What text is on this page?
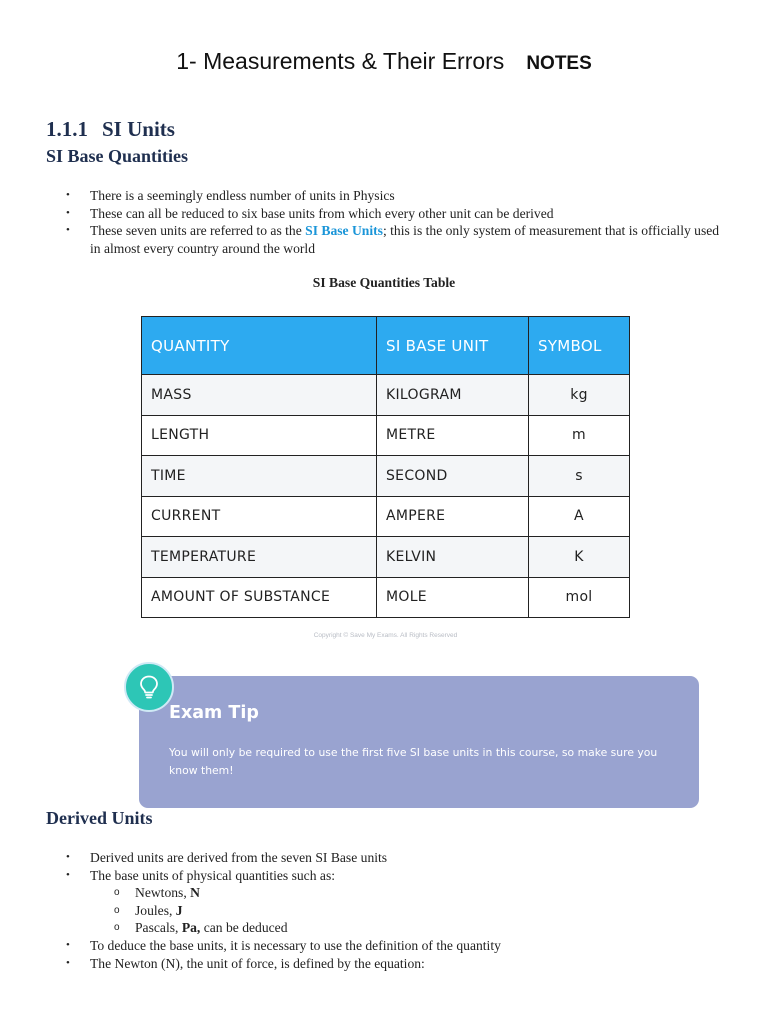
1- Measurements & Their Errors NOTES
1.1.1 SI Units
SI Base Quantities
• There is a seemingly endless number of units in Physics
• These can all be reduced to six base units from which every other unit can be derived
• These seven units are referred to as the SI Base Units; this is the only system of measurement that is officially used in almost every country around the world
SI Base Quantities Table
QUANTITY	SI BASE UNIT	SYMBOL
MASS	KILOGRAM	kg
LENGTH	METRE	m
TIME	SECOND	s
CURRENT	AMPERE	A
TEMPERATURE	KELVIN	K
AMOUNT OF SUBSTANCE	MOLE	mol
Copyright © Save My Exams. All Rights Reserved
Exam Tip
You will only be required to use the first five SI base units in this course, so make sure you know them!
Derived Units
• Derived units are derived from the seven SI Base units
• The base units of physical quantities such as:
o Newtons, N
o Joules, J
o Pascals, Pa, can be deduced
• To deduce the base units, it is necessary to use the definition of the quantity
• The Newton (N), the unit of force, is defined by the equation:
